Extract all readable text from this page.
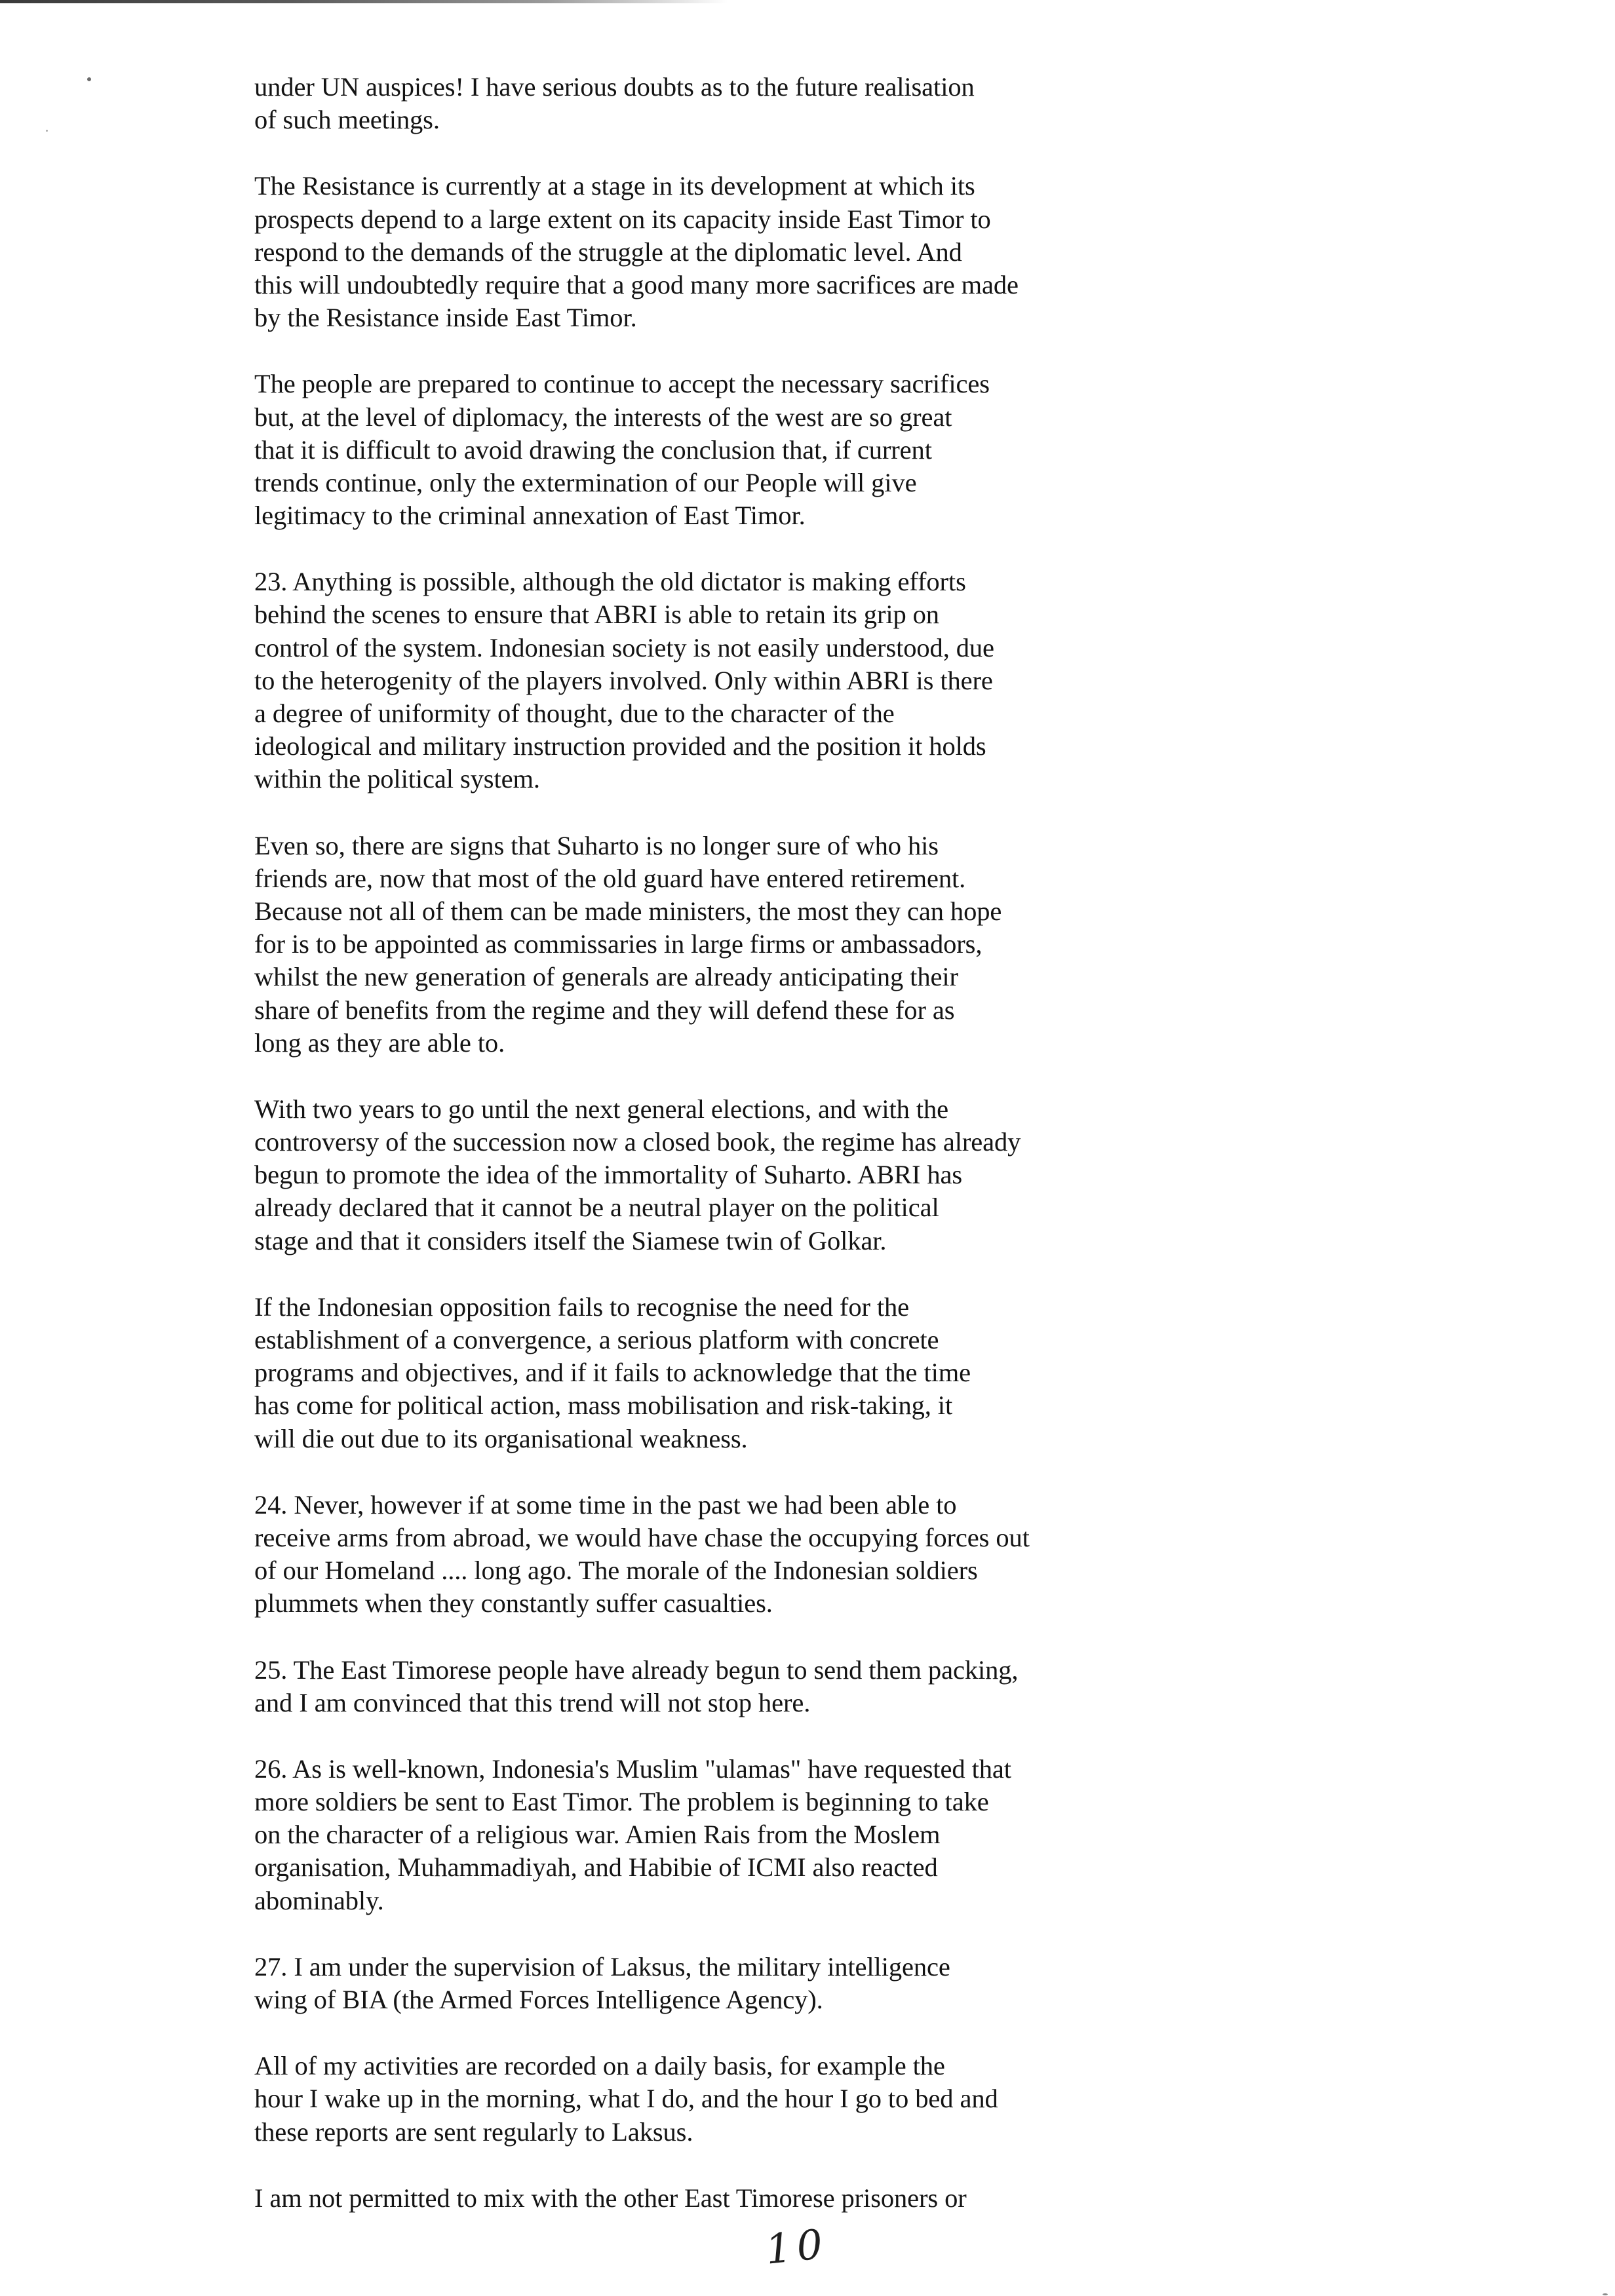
under UN auspices! I have serious doubts as to the future realisation
of such meetings.

The Resistance is currently at a stage in its development at which its
prospects depend to a large extent on its capacity inside East Timor to
respond to the demands of the struggle at the diplomatic level. And
this will undoubtedly require that a good many more sacrifices are made
by the Resistance inside East Timor.

The people are prepared to continue to accept the necessary sacrifices
but, at the level of diplomacy, the interests of the west are so great
that it is difficult to avoid drawing the conclusion that, if current
trends continue, only the extermination of our People will give
legitimacy to the criminal annexation of East Timor.

23. Anything is possible, although the old dictator is making efforts
behind the scenes to ensure that ABRI is able to retain its grip on
control of the system. Indonesian society is not easily understood, due
to the heterogenity of the players involved. Only within ABRI is there
a degree of uniformity of thought, due to the character of the
ideological and military instruction provided and the position it holds
within the political system.

Even so, there are signs that Suharto is no longer sure of who his
friends are, now that most of the old guard have entered retirement.
Because not all of them can be made ministers, the most they can hope
for is to be appointed as commissaries in large firms or ambassadors,
whilst the new generation of generals are already anticipating their
share of benefits from the regime and they will defend these for as
long as they are able to.

With two years to go until the next general elections, and with the
controversy of the succession now a closed book, the regime has already
begun to promote the idea of the immortality of Suharto. ABRI has
already declared that it cannot be a neutral player on the political
stage and that it considers itself the Siamese twin of Golkar.

If the Indonesian opposition fails to recognise the need for the
establishment of a convergence, a serious platform with concrete
programs and objectives, and if it fails to acknowledge that the time
has come for political action, mass mobilisation and risk-taking, it
will die out due to its organisational weakness.

24. Never, however if at some time in the past we had been able to
receive arms from abroad, we would have chase the occupying forces out
of our Homeland .... long ago. The morale of the Indonesian soldiers
plummets when they constantly suffer casualties.

25. The East Timorese people have already begun to send them packing,
and I am convinced that this trend will not stop here.

26. As is well-known, Indonesia's Muslim "ulamas" have requested that
more soldiers be sent to East Timor. The problem is beginning to take
on the character of a religious war. Amien Rais from the Moslem
organisation, Muhammadiyah, and Habibie of ICMI also reacted
abominably.

27. I am under the supervision of Laksus, the military intelligence
wing of BIA (the Armed Forces Intelligence Agency).

All of my activities are recorded on a daily basis, for example the
hour I wake up in the morning, what I do, and the hour I go to bed and
these reports are sent regularly to Laksus.

I am not permitted to mix with the other East Timorese prisoners or

10
